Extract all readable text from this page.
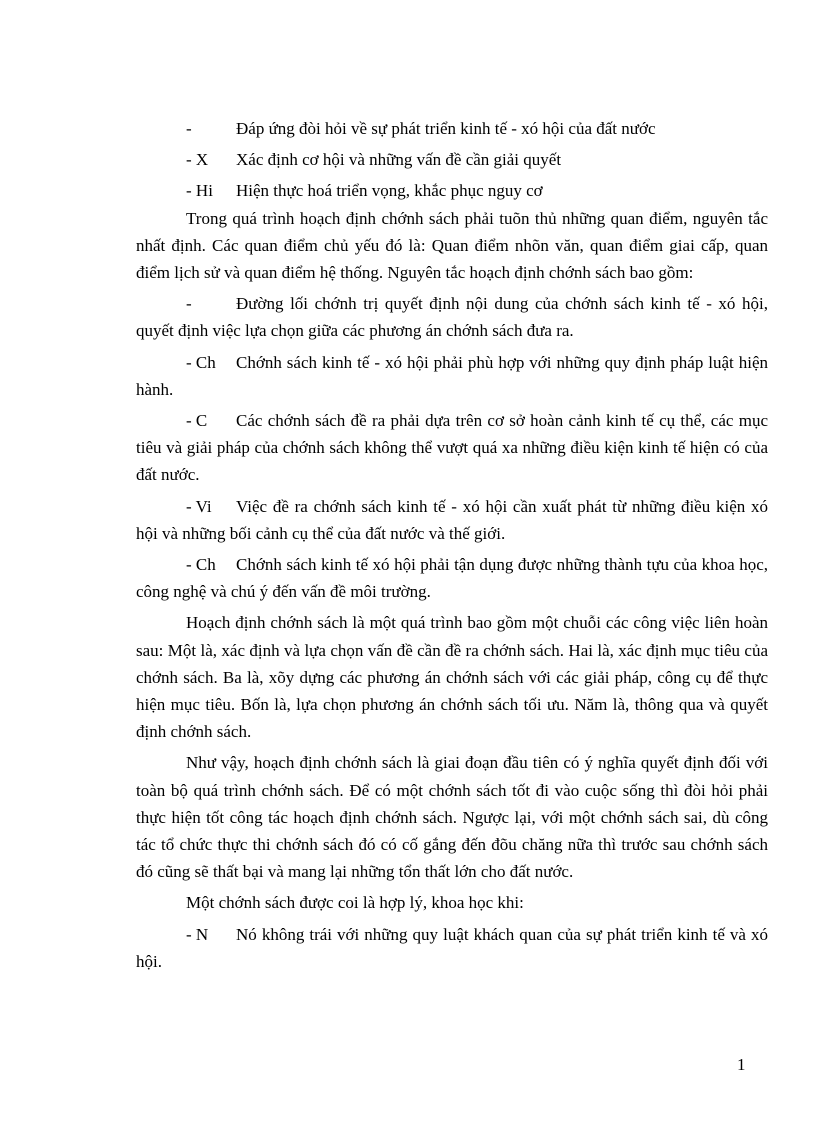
-	Đáp ứng đòi hỏi về sự phát triển kinh tế - xó hội của đất nước

- X Xác định cơ hội và những vấn đề cần giải quyết

- Hi Hiện thực hoá triển vọng, khắc phục nguy cơ

Trong quá trình hoạch định chớnh sách phải tuõn thủ những quan điểm, nguyên tắc nhất định. Các quan điểm chủ yếu đó là: Quan điểm nhõn văn, quan điểm giai cấp, quan điểm lịch sử và quan điểm hệ thống. Nguyên tắc hoạch định chớnh sách bao gồm:

-	Đường lối chớnh trị quyết định nội dung của chớnh sách kinh tế - xó hội, quyết định việc lựa chọn giữa các phương án chớnh sách đưa ra.

- Ch Chớnh sách kinh tế - xó hội phải phù hợp với những quy định pháp luật hiện hành.

- C Các chớnh sách đề ra phải dựa trên cơ sở hoàn cảnh kinh tế cụ thể, các mục tiêu và giải pháp của chớnh sách không thể vượt quá xa những điều kiện kinh tế hiện có của đất nước.

- Vi Việc đề ra chớnh sách kinh tế - xó hội cần xuất phát từ những điều kiện xó hội và những bối cảnh cụ thể của đất nước và thế giới.

- Ch Chớnh sách kinh tế xó hội phải tận dụng được những thành tựu của khoa học, công nghệ và chú ý đến vấn đề môi trường.

Hoạch định chớnh sách là một quá trình bao gồm một chuỗi các công việc liên hoàn sau: Một là, xác định và lựa chọn vấn đề cần đề ra chớnh sách. Hai là, xác định mục tiêu của chớnh sách. Ba là, xõy dựng các phương án chớnh sách với các giải pháp, công cụ để thực hiện mục tiêu. Bốn là, lựa chọn phương án chớnh sách tối ưu. Năm là, thông qua và quyết định chớnh sách.

Như vậy, hoạch định chớnh sách là giai đoạn đầu tiên có ý nghĩa quyết định đối với toàn bộ quá trình chớnh sách. Để có một chớnh sách tốt đi vào cuộc sống thì đòi hỏi phải thực hiện tốt công tác hoạch định chớnh sách. Ngược lại, với một chớnh sách sai, dù công tác tổ chức thực thi chớnh sách đó có cố gắng đến đõu chăng nữa thì trước sau chớnh sách đó cũng sẽ thất bại và mang lại những tổn thất lớn cho đất nước.

Một chớnh sách được coi là hợp lý, khoa học khi:

- N Nó không trái với những quy luật khách quan của sự phát triển kinh tế và xó hội.

1
